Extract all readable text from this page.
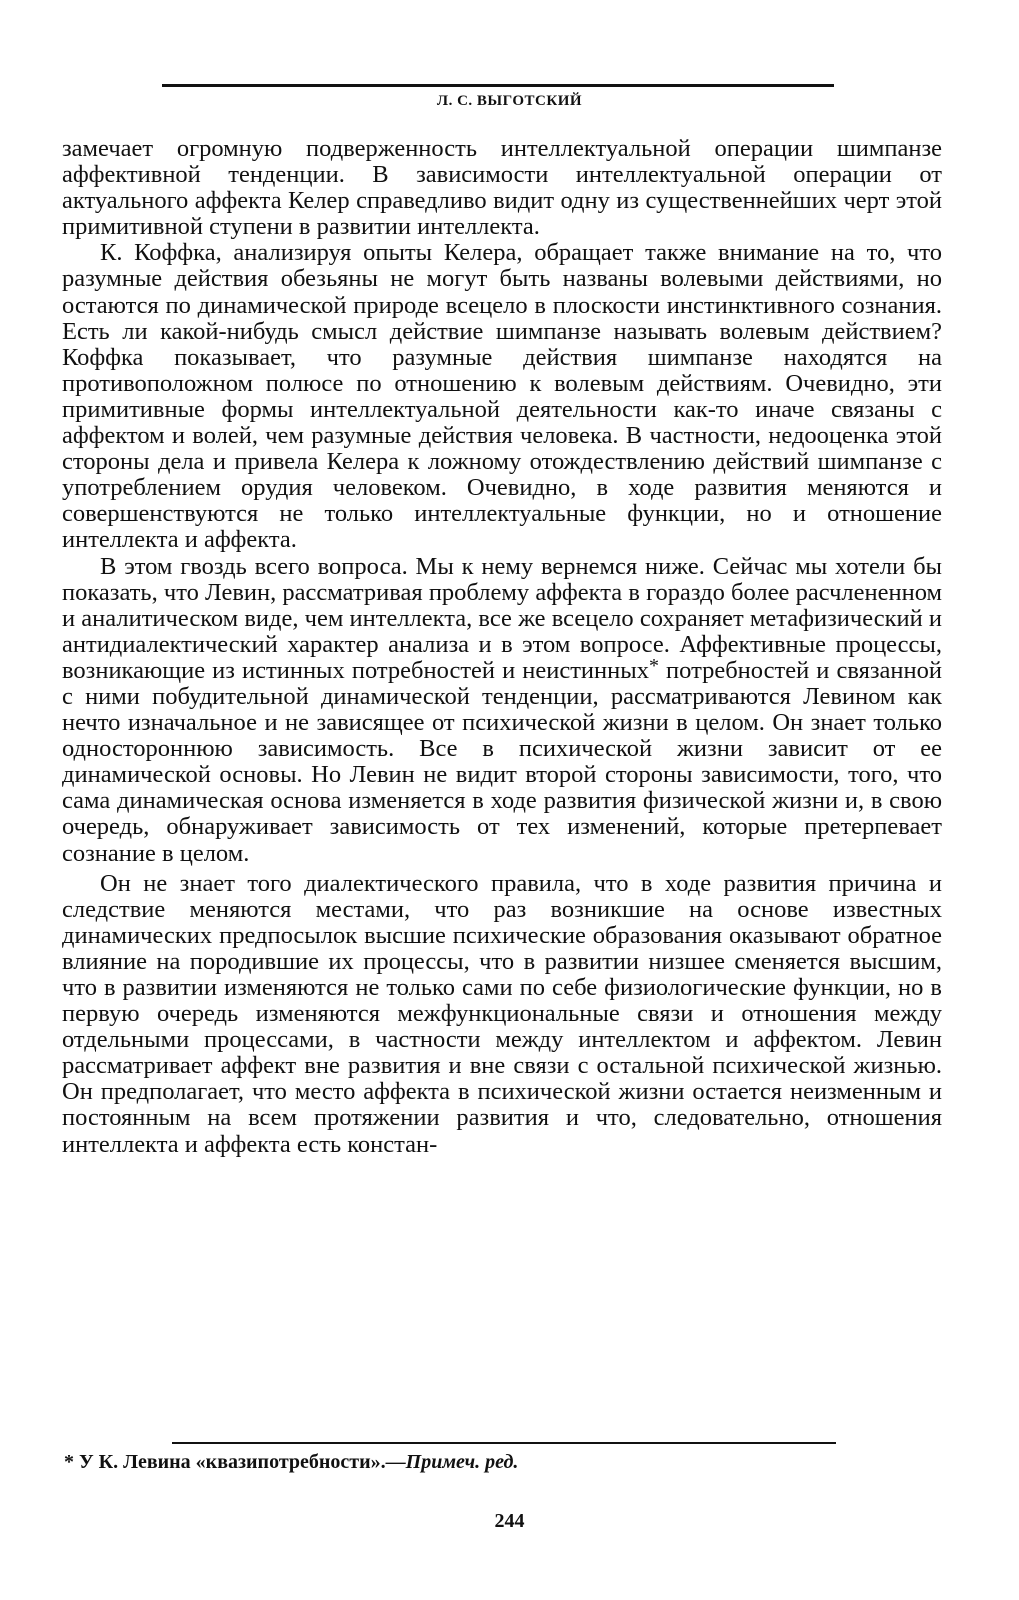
Л. С. ВЫГОТСКИЙ

замечает огромную подверженность интеллектуальной операции шимпанзе аффективной тенденции. В зависимости интеллектуальной операции от актуального аффекта Келер справедливо видит одну из существеннейших черт этой примитивной ступени в развитии интеллекта.

К. Коффка, анализируя опыты Келера, обращает также внимание на то, что разумные действия обезьяны не могут быть названы волевыми действиями, но остаются по динамической природе всецело в плоскости инстинктивного сознания. Есть ли какой-нибудь смысл действие шимпанзе называть волевым действием? Коффка показывает, что разумные действия шимпанзе находятся на противоположном полюсе по отношению к волевым действиям. Очевидно, эти примитивные формы интеллектуальной деятельности как-то иначе связаны с аффектом и волей, чем разумные действия человека. В частности, недооценка этой стороны дела и привела Келера к ложному отождествлению действий шимпанзе с употреблением орудия человеком. Очевидно, в ходе развития меняются и совершенствуются не только интеллектуальные функции, но и отношение интеллекта и аффекта.

В этом гвоздь всего вопроса. Мы к нему вернемся ниже. Сейчас мы хотели бы показать, что Левин, рассматривая проблему аффекта в гораздо более расчлененном и аналитическом виде, чем интеллекта, все же всецело сохраняет метафизический и антидиалектический характер анализа и в этом вопросе. Аффективные процессы, возникающие из истинных потребностей и неистинных* потребностей и связанной с ними побудительной динамической тенденции, рассматриваются Левином как нечто изначальное и не зависящее от психической жизни в целом. Он знает только одностороннюю зависимость. Все в психической жизни зависит от ее динамической основы. Но Левин не видит второй стороны зависимости, того, что сама динамическая основа изменяется в ходе развития физической жизни и, в свою очередь, обнаруживает зависимость от тех изменений, которые претерпевает сознание в целом.

Он не знает того диалектического правила, что в ходе развития причина и следствие меняются местами, что раз возникшие на основе известных динамических предпосылок высшие психические образования оказывают обратное влияние на породившие их процессы, что в развитии низшее сменяется высшим, что в развитии изменяются не только сами по себе физиологические функции, но в первую очередь изменяются межфункциональные связи и отношения между отдельными процессами, в частности между интеллектом и аффектом. Левин рассматривает аффект вне развития и вне связи с остальной психической жизнью. Он предполагает, что место аффекта в психической жизни остается неизменным и постоянным на всем протяжении развития и что, следовательно, отношения интеллекта и аффекта есть констан-

* У К. Левина «квазипотребности».—Примеч. ред.
244
